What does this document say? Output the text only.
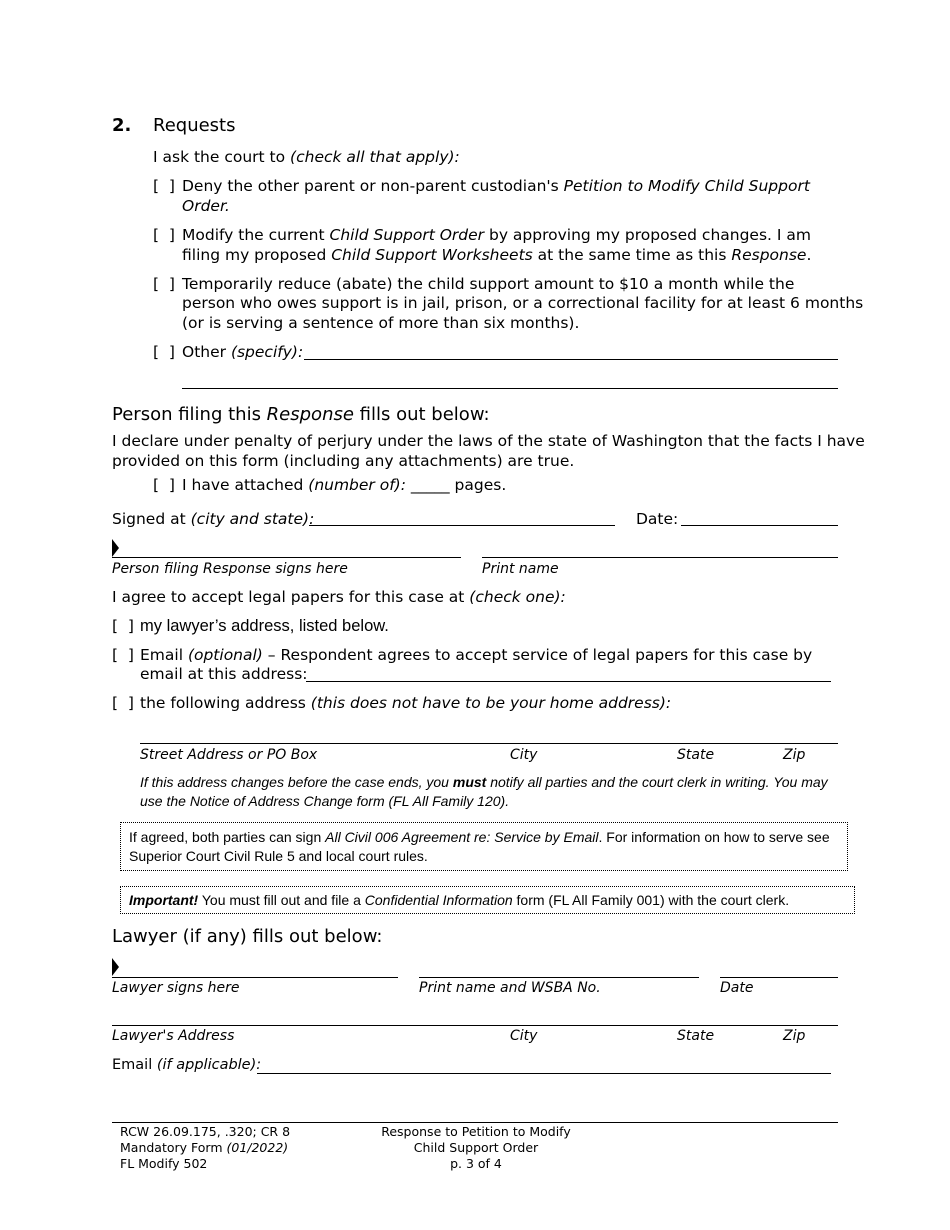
2. Requests
I ask the court to (check all that apply):
[  ] Deny the other parent or non-parent custodian's Petition to Modify Child Support
Order.
[  ] Modify the current Child Support Order by approving my proposed changes. I am
filing my proposed Child Support Worksheets at the same time as this Response.
[  ] Temporarily reduce (abate) the child support amount to $10 a month while the
person who owes support is in jail, prison, or a correctional facility for at least 6 months
(or is serving a sentence of more than six months).
[  ] Other (specify):
Person filing this Response fills out below:
I declare under penalty of perjury under the laws of the state of Washington that the facts I have
provided on this form (including any attachments) are true.
[  ] I have attached (number of): _____ pages.
Signed at (city and state):	Date:
Person filing Response signs here	Print name
I agree to accept legal papers for this case at (check one):
[  ] my lawyer’s address, listed below.
[  ] Email (optional) – Respondent agrees to accept service of legal papers for this case by
email at this address:
[  ] the following address (this does not have to be your home address):
Street Address or PO Box	City	State	Zip
If this address changes before the case ends, you must notify all parties and the court clerk in writing. You may
use the Notice of Address Change form (FL All Family 120).
If agreed, both parties can sign All Civil 006 Agreement re: Service by Email. For information on how to serve see
Superior Court Civil Rule 5 and local court rules.
Important! You must fill out and file a Confidential Information form (FL All Family 001) with the court clerk.
Lawyer (if any) fills out below:
Lawyer signs here	Print name and WSBA No.	Date
Lawyer's Address	City	State	Zip
Email (if applicable):
RCW 26.09.175, .320; CR 8
Mandatory Form (01/2022)
FL Modify 502
Response to Petition to Modify
Child Support Order
p. 3 of 4
